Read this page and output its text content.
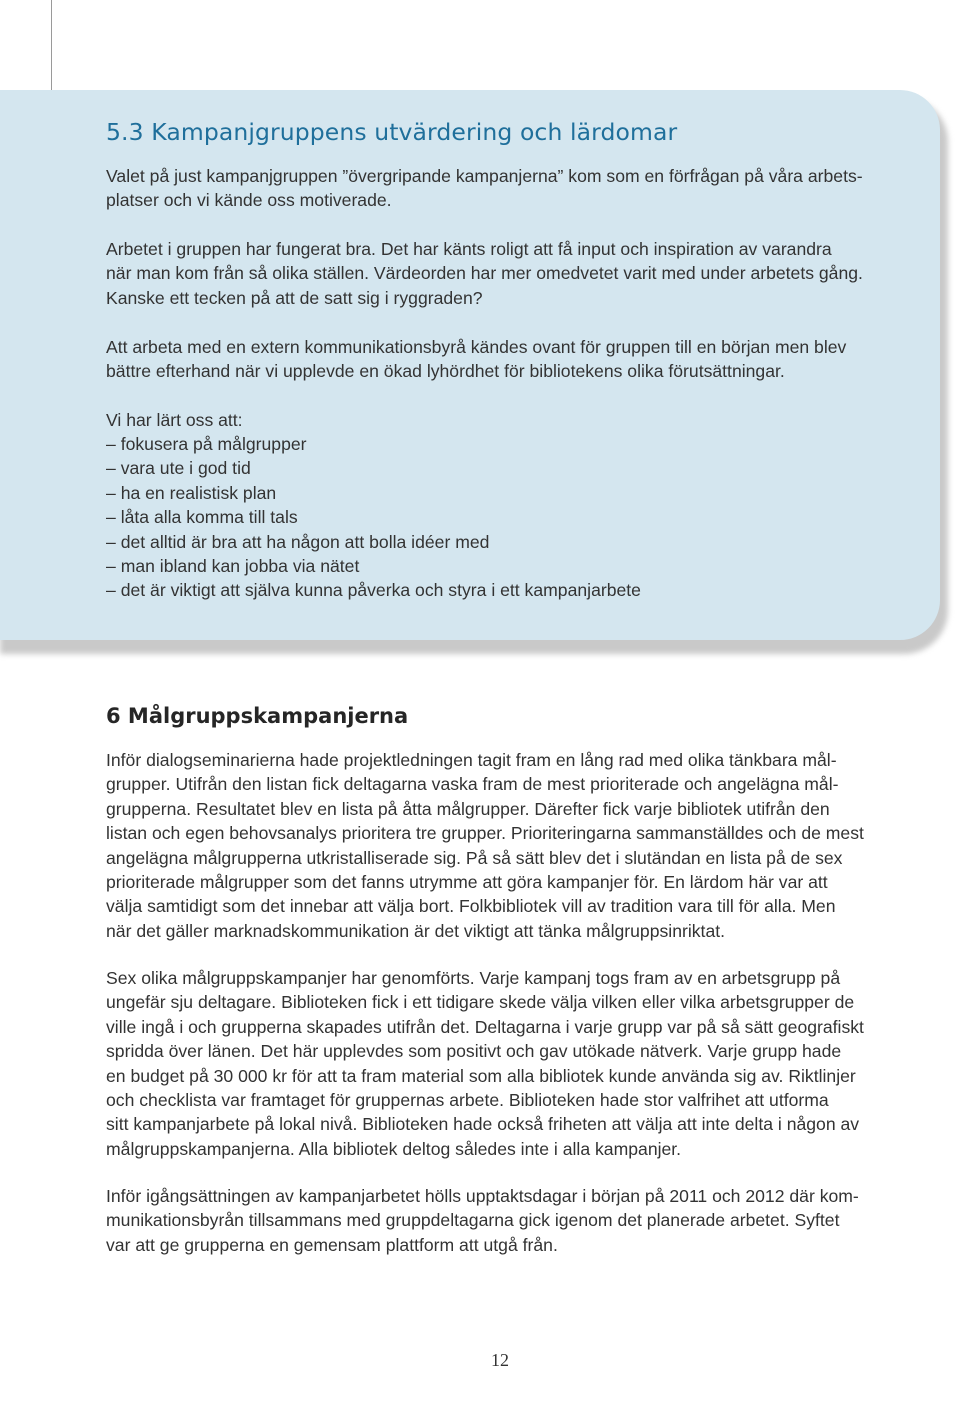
5.3 Kampanjgruppens utvärdering och lärdomar

Valet på just kampanjgruppen ”övergripande kampanjerna” kom som en förfrågan på våra arbets-
platser och vi kände oss motiverade.

Arbetet i gruppen har fungerat bra. Det har känts roligt att få input och inspiration av varandra
när man kom från så olika ställen. Värdeorden har mer omedvetet varit med under arbetets gång.
Kanske ett tecken på att de satt sig i ryggraden?

Att arbeta med en extern kommunikationsbyrå kändes ovant för gruppen till en början men blev
bättre efterhand när vi upplevde en ökad lyhördhet för bibliotekens olika förutsättningar.

Vi har lärt oss att:

– fokusera på målgrupper
– vara ute i god tid
– ha en realistisk plan
– låta alla komma till tals
– det alltid är bra att ha någon att bolla idéer med
– man ibland kan jobba via nätet
– det är viktigt att själva kunna påverka och styra i ett kampanjarbete
6 Målgruppskampanjerna

Inför dialogseminarierna hade projektledningen tagit fram en lång rad med olika tänkbara mål-
grupper. Utifrån den listan fick deltagarna vaska fram de mest prioriterade och angelägna mål-
grupperna. Resultatet blev en lista på åtta målgrupper. Därefter fick varje bibliotek utifrån den
listan och egen behovsanalys prioritera tre grupper. Prioriteringarna sammanställdes och de mest
angelägna målgrupperna utkristalliserade sig. På så sätt blev det i slutändan en lista på de sex
prioriterade målgrupper som det fanns utrymme att göra kampanjer för. En lärdom här var att
välja samtidigt som det innebar att välja bort. Folkbibliotek vill av tradition vara till för alla. Men
när det gäller marknadskommunikation är det viktigt att tänka målgruppsinriktat.

Sex olika målgruppskampanjer har genomförts. Varje kampanj togs fram av en arbetsgrupp på
ungefär sju deltagare. Biblioteken fick i ett tidigare skede välja vilken eller vilka arbetsgrupper de
ville ingå i och grupperna skapades utifrån det. Deltagarna i varje grupp var på så sätt geografiskt
spridda över länen. Det här upplevdes som positivt och gav utökade nätverk. Varje grupp hade
en budget på 30 000 kr för att ta fram material som alla bibliotek kunde använda sig av. Riktlinjer
och checklista var framtaget för gruppernas arbete. Biblioteken hade stor valfrihet att utforma
sitt kampanjarbete på lokal nivå. Biblioteken hade också friheten att välja att inte delta i någon av
målgruppskampanjerna. Alla bibliotek deltog således inte i alla kampanjer.

Inför igångsättningen av kampanjarbetet hölls upptaktsdagar i början på 2011 och 2012 där kom-
munikationsbyrån tillsammans med gruppdeltagarna gick igenom det planerade arbetet. Syftet
var att ge grupperna en gemensam plattform att utgå från.

12
